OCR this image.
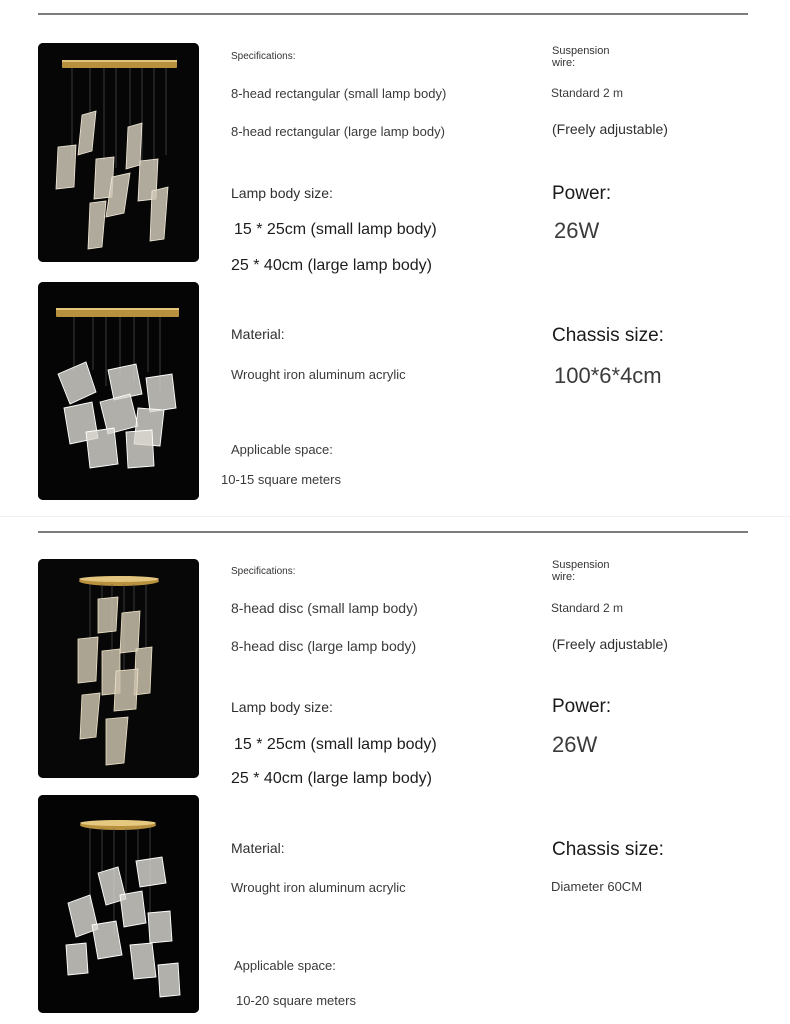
Specifications:
8-head rectangular (small lamp body)
8-head rectangular (large lamp body)
Suspension
wire:
Standard 2 m
(Freely adjustable)
Lamp body size:
15 * 25cm (small lamp body)
25 * 40cm (large lamp body)
Power:
26W
Material:
Wrought iron aluminum acrylic
Chassis size:
100*6*4cm
Applicable space:
10-15 square meters
Specifications:
8-head disc (small lamp body)
8-head disc (large lamp body)
Suspension
wire:
Standard 2 m
(Freely adjustable)
Lamp body size:
15 * 25cm (small lamp body)
25 * 40cm (large lamp body)
Power:
26W
Material:
Wrought iron aluminum acrylic
Chassis size:
Diameter 60CM
Applicable space:
10-20 square meters
